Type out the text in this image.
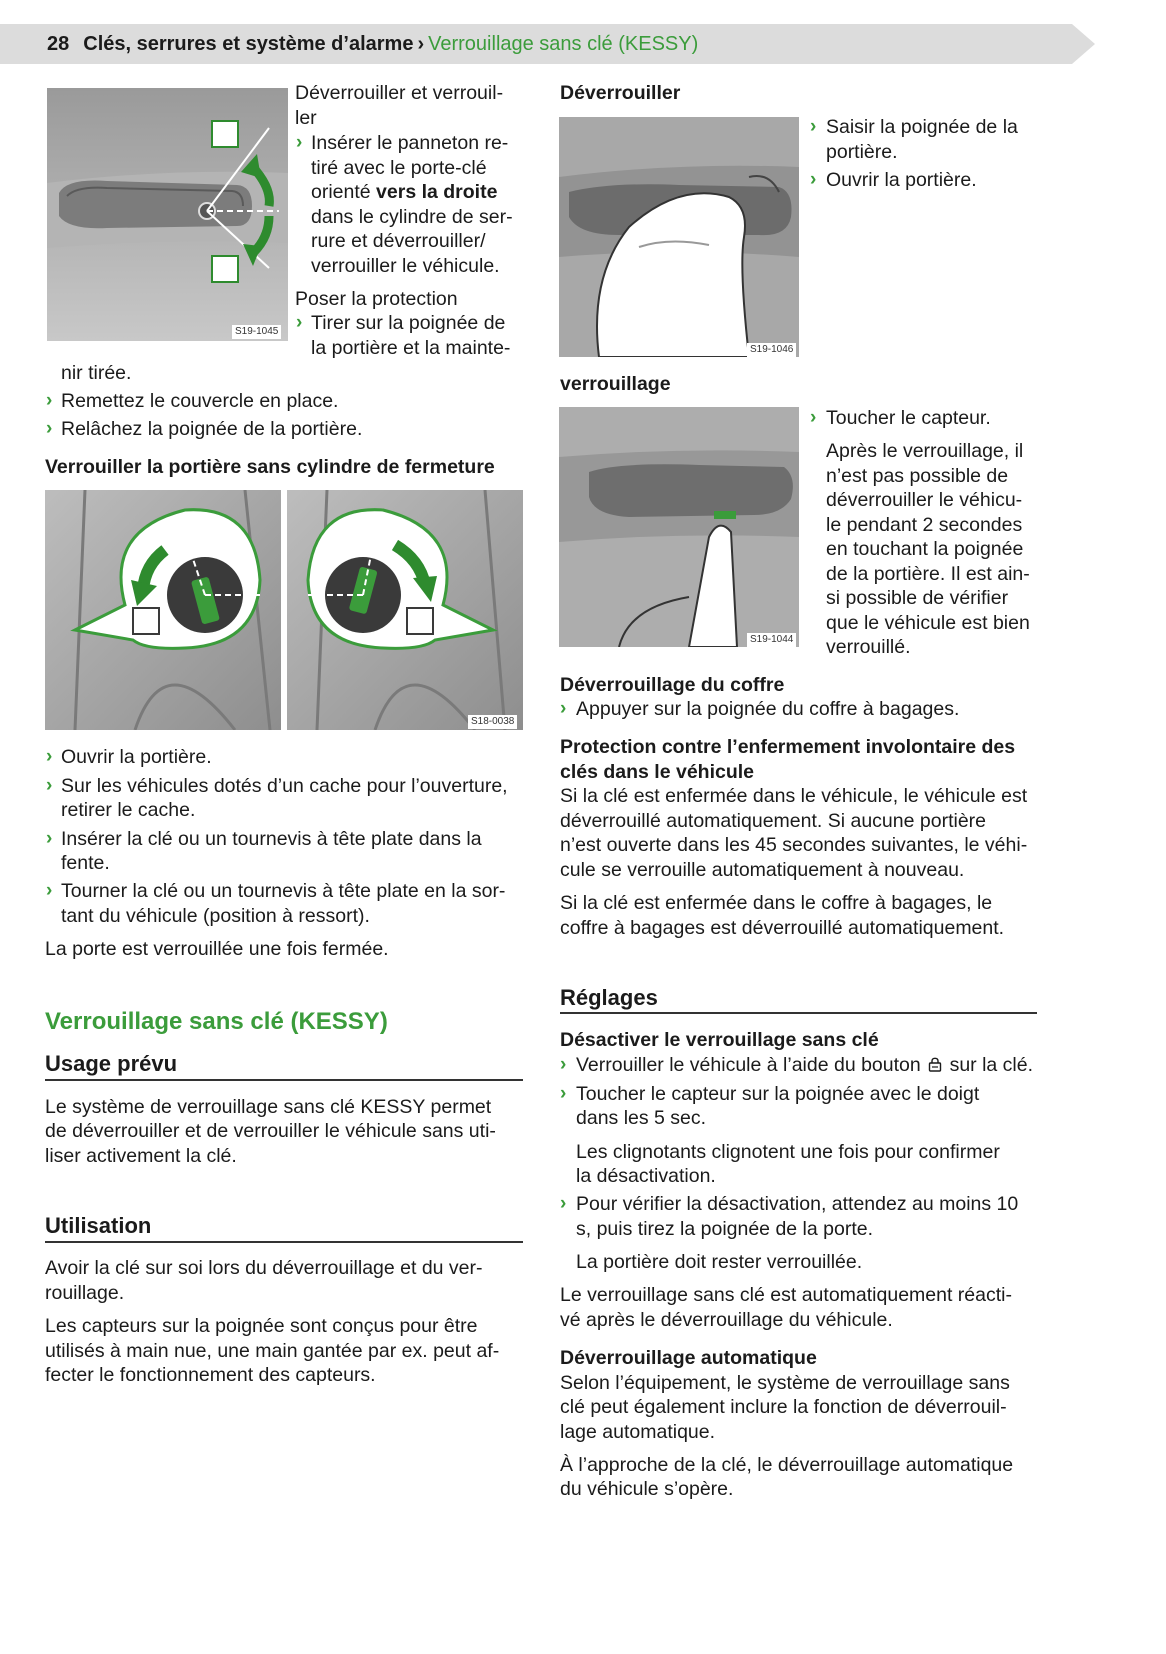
28 Clés, serrures et système d’alarme › Verrouillage sans clé (KESSY)
S19-1045
Déverrouiller et verrouil-
ler
› Insérer le panneton re-
tiré avec le porte-clé
orienté vers la droite
dans le cylindre de ser-
rure et déverrouiller/
verrouiller le véhicule.
Poser la protection
› Tirer sur la poignée de
la portière et la mainte-
nir tirée.
› Remettez le couvercle en place.
› Relâchez la poignée de la portière.
Verrouiller la portière sans cylindre de fermeture
S18-0038
› Ouvrir la portière.
› Sur les véhicules dotés d’un cache pour l’ouverture,
retirer le cache.
› Insérer la clé ou un tournevis à tête plate dans la
fente.
› Tourner la clé ou un tournevis à tête plate en la sor-
tant du véhicule (position à ressort).
La porte est verrouillée une fois fermée.
Verrouillage sans clé (KESSY)
Usage prévu
Le système de verrouillage sans clé KESSY permet
de déverrouiller et de verrouiller le véhicule sans uti-
liser activement la clé.
Utilisation
Avoir la clé sur soi lors du déverrouillage et du ver-
rouillage.
Les capteurs sur la poignée sont conçus pour être
utilisés à main nue, une main gantée par ex. peut af-
fecter le fonctionnement des capteurs.
Déverrouiller
S19-1046
› Saisir la poignée de la
portière.
› Ouvrir la portière.
verrouillage
S19-1044
› Toucher le capteur.
Après le verrouillage, il
n’est pas possible de
déverrouiller le véhicu-
le pendant 2 secondes
en touchant la poignée
de la portière. Il est ain-
si possible de vérifier
que le véhicule est bien
verrouillé.
Déverrouillage du coffre
› Appuyer sur la poignée du coffre à bagages.
Protection contre l’enfermement involontaire des
clés dans le véhicule
Si la clé est enfermée dans le véhicule, le véhicule est
déverrouillé automatiquement. Si aucune portière
n’est ouverte dans les 45 secondes suivantes, le véhi-
cule se verrouille automatiquement à nouveau.
Si la clé est enfermée dans le coffre à bagages, le
coffre à bagages est déverrouillé automatiquement.
Réglages
Désactiver le verrouillage sans clé
› Verrouiller le véhicule à l’aide du bouton sur la clé.
› Toucher le capteur sur la poignée avec le doigt
dans les 5 sec.
Les clignotants clignotent une fois pour confirmer
la désactivation.
› Pour vérifier la désactivation, attendez au moins 10
s, puis tirez la poignée de la porte.
La portière doit rester verrouillée.
Le verrouillage sans clé est automatiquement réacti-
vé après le déverrouillage du véhicule.
Déverrouillage automatique
Selon l’équipement, le système de verrouillage sans
clé peut également inclure la fonction de déverrouil-
lage automatique.
À l’approche de la clé, le déverrouillage automatique
du véhicule s’opère.
